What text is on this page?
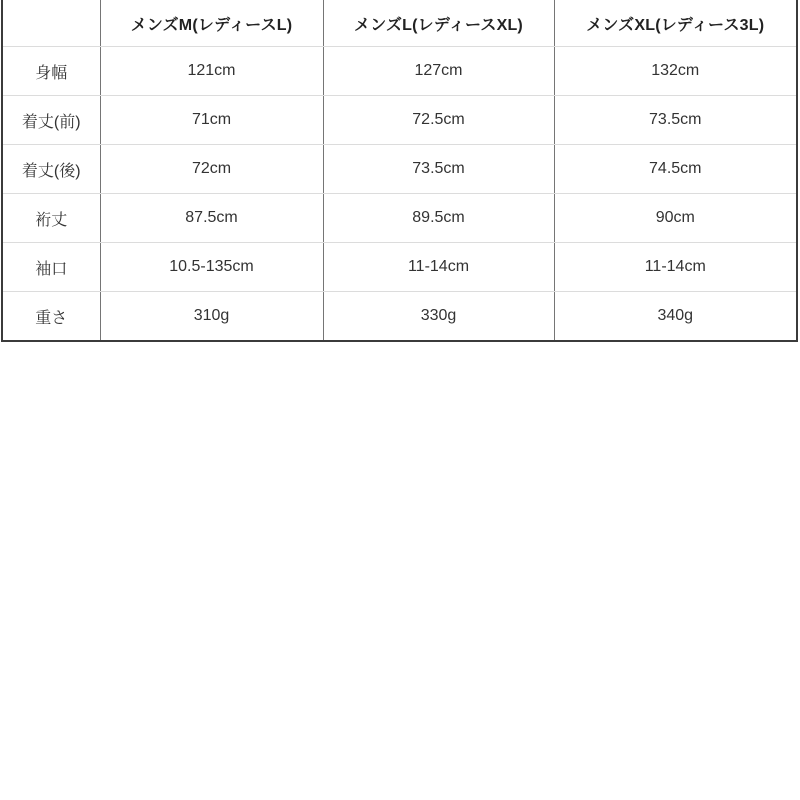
	メンズM(レディースL)	メンズL(レディースXL)	メンズXL(レディース3L)
身幅	121cm	127cm	132cm
着丈(前)	71cm	72.5cm	73.5cm
着丈(後)	72cm	73.5cm	74.5cm
裄丈	87.5cm	89.5cm	90cm
袖口	10.5-135cm	11-14cm	11-14cm
重さ	310g	330g	340g
